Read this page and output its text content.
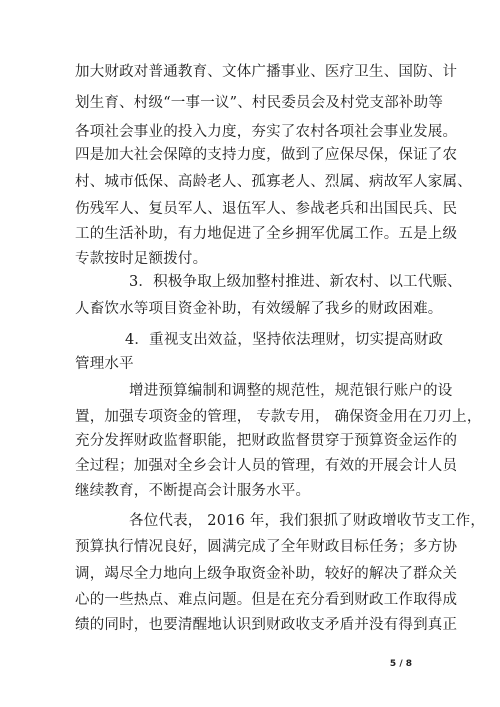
加大财政对普通教育、文体广播事业、医疗卫生、国防、计
划生育、村级“一事一议”、村民委员会及村党支部补助等
各项社会事业的投入力度，夯实了农村各项社会事业发展。
四是加大社会保障的支持力度，做到了应保尽保，保证了农
村、城市低保、高龄老人、孤寡老人、烈属、病故军人家属、
伤残军人、复员军人、退伍军人、参战老兵和出国民兵、民
工的生活补助，有力地促进了全乡拥军优属工作。五是上级
专款按时足额拨付。
3．积极争取上级加整村推进、新农村、以工代赈、
人畜饮水等项目资金补助，有效缓解了我乡的财政困难。
4．重视支出效益，坚持依法理财，切实提高财政
管理水平
增进预算编制和调整的规范性，规范银行账户的设
置，加强专项资金的管理， 专款专用， 确保资金用在刀刃上，
充分发挥财政监督职能，把财政监督贯穿于预算资金运作的
全过程；加强对全乡会计人员的管理，有效的开展会计人员
继续教育，不断提高会计服务水平。
各位代表， 2016 年，我们狠抓了财政增收节支工作，
预算执行情况良好，圆满完成了全年财政目标任务；多方协
调，竭尽全力地向上级争取资金补助，较好的解决了群众关
心的一些热点、难点问题。但是在充分看到财政工作取得成
绩的同时，也要清醒地认识到财政收支矛盾并没有得到真正
5 / 8
